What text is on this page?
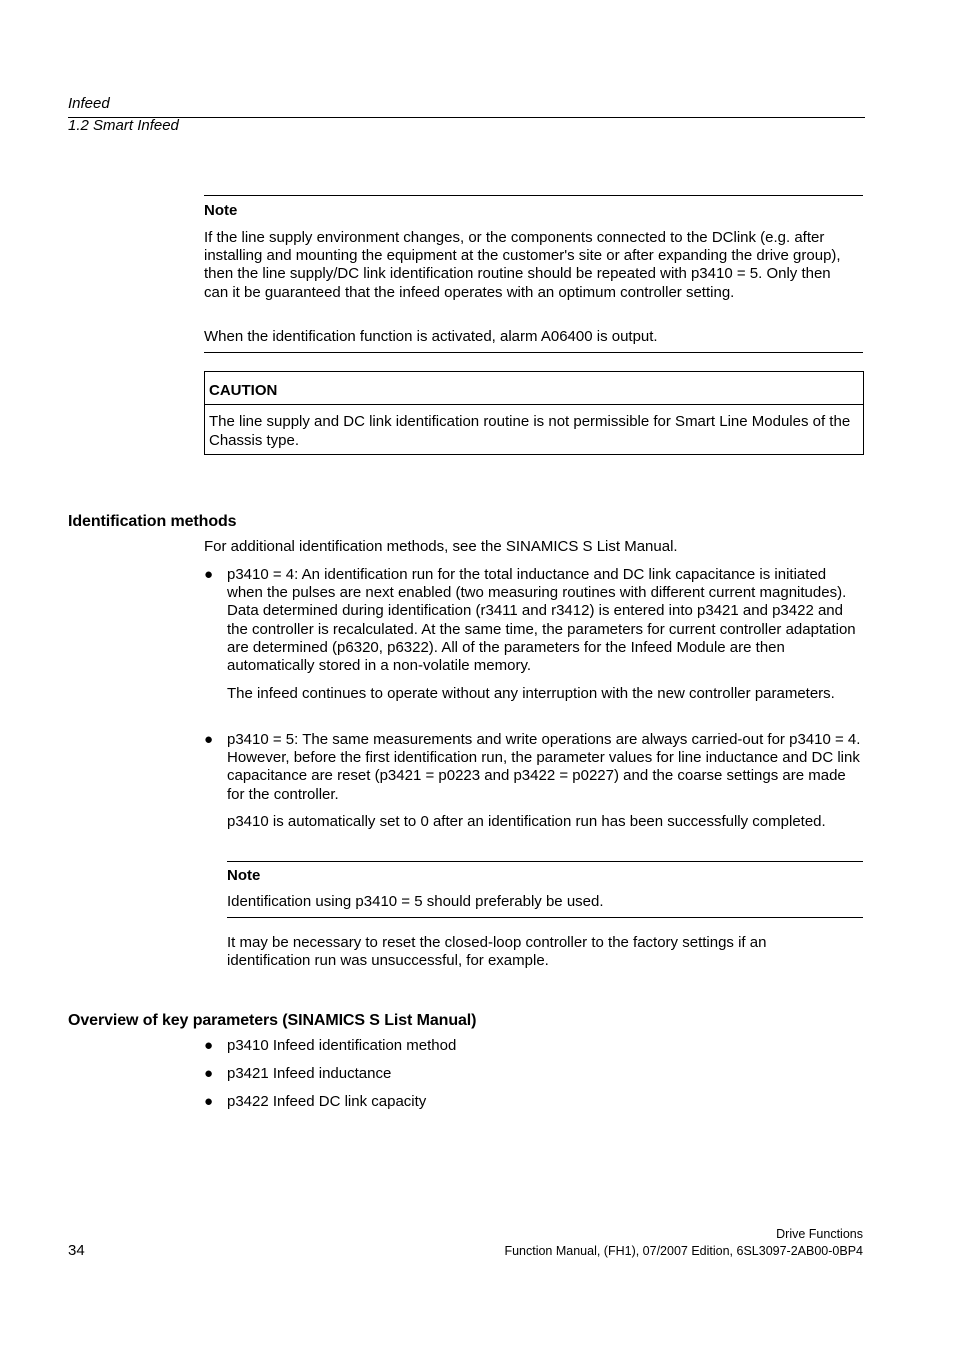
Infeed
1.2 Smart Infeed
Note
If the line supply environment changes, or the components connected to the DClink (e.g. after installing and mounting the equipment at the customer's site or after expanding the drive group), then the line supply/DC link identification routine should be repeated with p3410 = 5. Only then can it be guaranteed that the infeed operates with an optimum controller setting.
When the identification function is activated, alarm A06400 is output.
CAUTION
The line supply and DC link identification routine is not permissible for Smart Line Modules of the Chassis type.
Identification methods
For additional identification methods, see the SINAMICS S List Manual.
● p3410 = 4: An identification run for the total inductance and DC link capacitance is initiated when the pulses are next enabled (two measuring routines with different current magnitudes). Data determined during identification (r3411 and r3412) is entered into p3421 and p3422 and the controller is recalculated. At the same time, the parameters for current controller adaptation are determined (p6320, p6322). All of the parameters for the Infeed Module are then automatically stored in a non-volatile memory.
The infeed continues to operate without any interruption with the new controller parameters.
● p3410 = 5: The same measurements and write operations are always carried-out for p3410 = 4. However, before the first identification run, the parameter values for line inductance and DC link capacitance are reset (p3421 = p0223 and p3422 = p0227) and the coarse settings are made for the controller.
p3410 is automatically set to 0 after an identification run has been successfully completed.
Note
Identification using p3410 = 5 should preferably be used.
It may be necessary to reset the closed-loop controller to the factory settings if an identification run was unsuccessful, for example.
Overview of key parameters (SINAMICS S List Manual)
● p3410 Infeed identification method
● p3421 Infeed inductance
● p3422 Infeed DC link capacity
34
Drive Functions
Function Manual, (FH1), 07/2007 Edition, 6SL3097-2AB00-0BP4
